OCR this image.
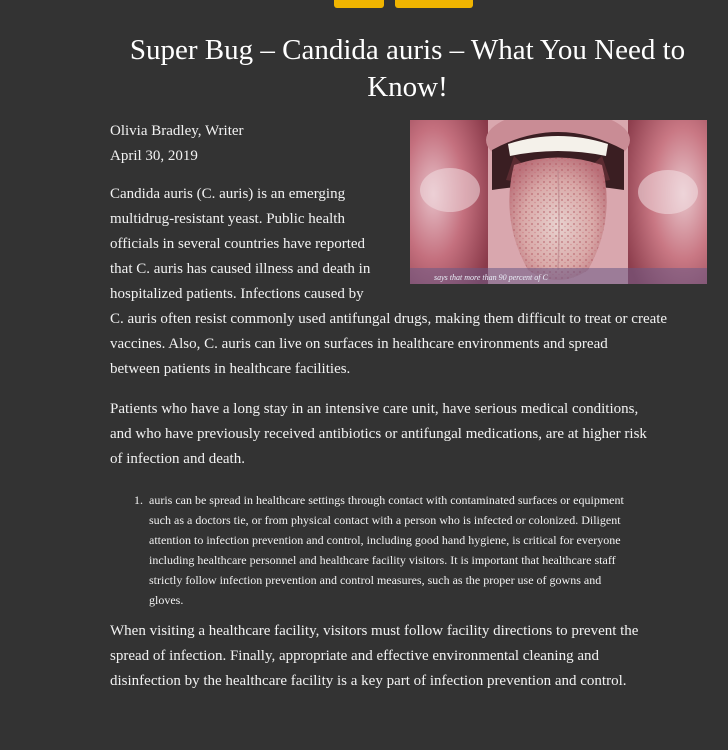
Super Bug – Candida auris – What You Need to
Know!
says that more than 90 percent of C
Olivia Bradley, Writer
April 30, 2019
Candida auris (C. auris) is an emerging
multidrug-resistant yeast. Public health
officials in several countries have reported
that C. auris has caused illness and death in
hospitalized patients. Infections caused by
C. auris often resist commonly used antifungal drugs, making them difficult to treat or create
vaccines. Also, C. auris can live on surfaces in healthcare environments and spread
between patients in healthcare facilities.
Patients who have a long stay in an intensive care unit, have serious medical conditions,
and who have previously received antibiotics or antifungal medications, are at higher risk
of infection and death.
1. auris can be spread in healthcare settings through contact with contaminated surfaces or equipment
such as a doctors tie, or from physical contact with a person who is infected or colonized. Diligent
attention to infection prevention and control, including good hand hygiene, is critical for everyone
including healthcare personnel and healthcare facility visitors. It is important that healthcare staff
strictly follow infection prevention and control measures, such as the proper use of gowns and
gloves.
When visiting a healthcare facility, visitors must follow facility directions to prevent the
spread of infection. Finally, appropriate and effective environmental cleaning and
disinfection by the healthcare facility is a key part of infection prevention and control.
